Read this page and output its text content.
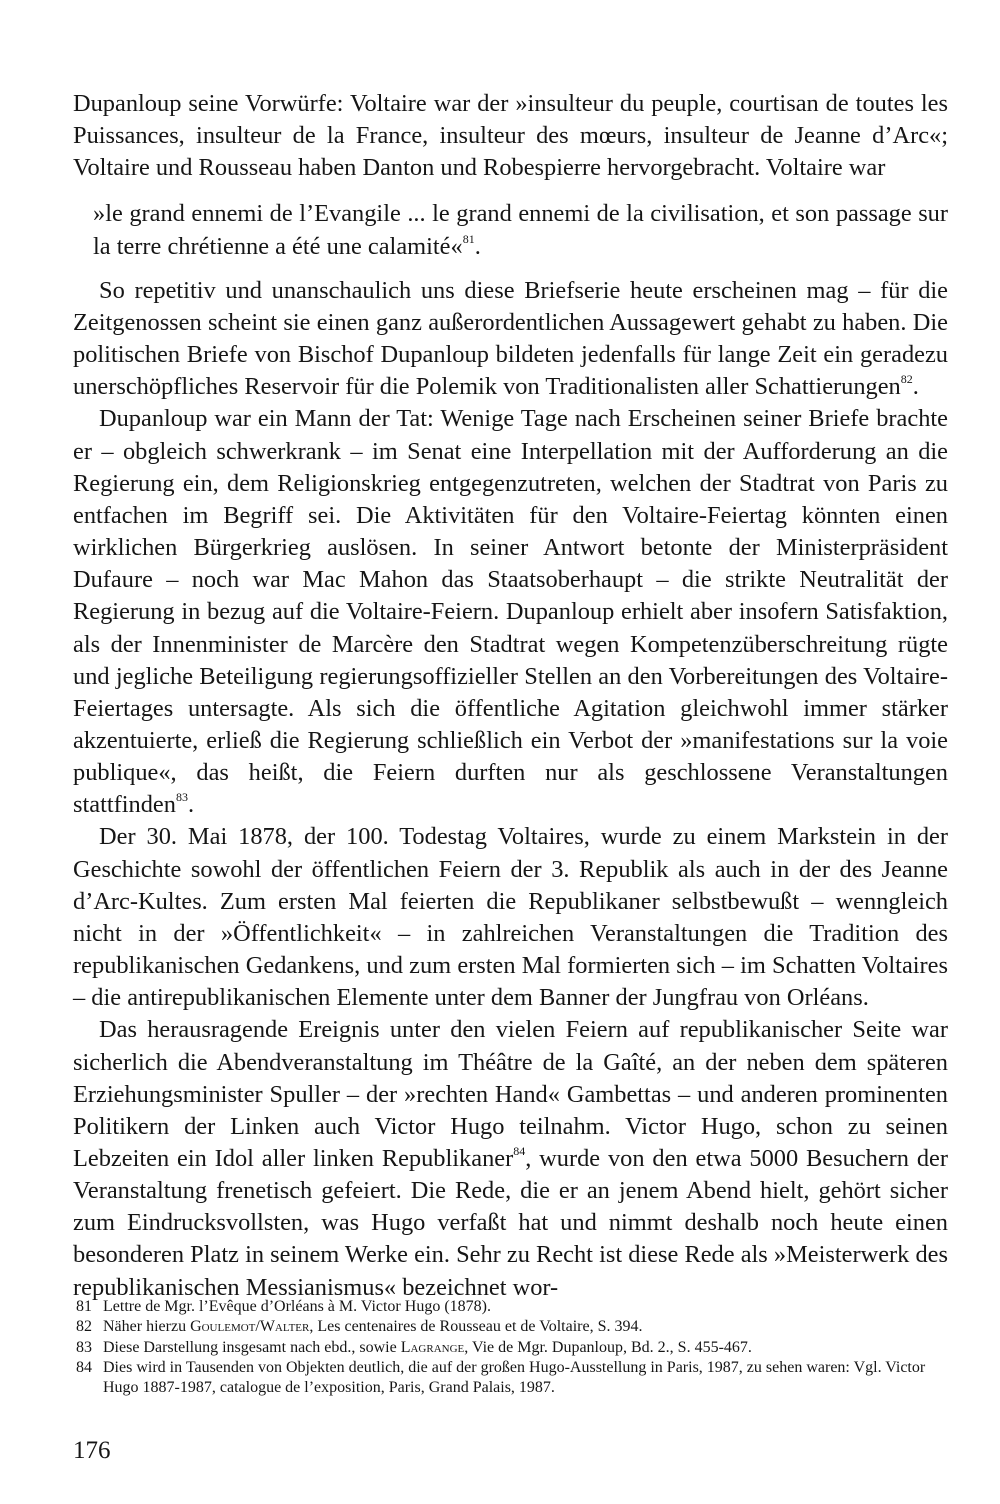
Dupanloup seine Vorwürfe: Voltaire war der »insulteur du peuple, courtisan de toutes les Puissances, insulteur de la France, insulteur des mœurs, insulteur de Jeanne d’Arc«; Voltaire und Rousseau haben Danton und Robespierre hervorgebracht. Voltaire war

»le grand ennemi de l’Evangile ... le grand ennemi de la civilisation, et son passage sur la terre chrétienne a été une calamité«$^{81}$.

So repetitiv und unanschaulich uns diese Briefserie heute erscheinen mag – für die Zeitgenossen scheint sie einen ganz außerordentlichen Aussagewert gehabt zu haben. Die politischen Briefe von Bischof Dupanloup bildeten jedenfalls für lange Zeit ein geradezu unerschöpfliches Reservoir für die Polemik von Traditionalisten aller Schattierungen$^{82}$.

Dupanloup war ein Mann der Tat: Wenige Tage nach Erscheinen seiner Briefe brachte er – obgleich schwerkrank – im Senat eine Interpellation mit der Aufforderung an die Regierung ein, dem Religionskrieg entgegenzutreten, welchen der Stadtrat von Paris zu entfachen im Begriff sei. Die Aktivitäten für den Voltaire-Feiertag könnten einen wirklichen Bürgerkrieg auslösen. In seiner Antwort betonte der Ministerpräsident Dufaure – noch war Mac Mahon das Staatsoberhaupt – die strikte Neutralität der Regierung in bezug auf die Voltaire-Feiern. Dupanloup erhielt aber insofern Satisfaktion, als der Innenminister de Marcère den Stadtrat wegen Kompetenzüberschreitung rügte und jegliche Beteiligung regierungsoffizieller Stellen an den Vorbereitungen des Voltaire-Feiertages untersagte. Als sich die öffentliche Agitation gleichwohl immer stärker akzentuierte, erließ die Regierung schließlich ein Verbot der »manifestations sur la voie publique«, das heißt, die Feiern durften nur als geschlossene Veranstaltungen stattfinden$^{83}$.

Der 30. Mai 1878, der 100. Todestag Voltaires, wurde zu einem Markstein in der Geschichte sowohl der öffentlichen Feiern der 3. Republik als auch in der des Jeanne d’Arc-Kultes. Zum ersten Mal feierten die Republikaner selbstbewußt – wenngleich nicht in der »Öffentlichkeit« – in zahlreichen Veranstaltungen die Tradition des republikanischen Gedankens, und zum ersten Mal formierten sich – im Schatten Voltaires – die antirepublikanischen Elemente unter dem Banner der Jungfrau von Orléans.

Das herausragende Ereignis unter den vielen Feiern auf republikanischer Seite war sicherlich die Abendveranstaltung im Théâtre de la Gaîté, an der neben dem späteren Erziehungsminister Spuller – der »rechten Hand« Gambettas – und anderen prominenten Politikern der Linken auch Victor Hugo teilnahm. Victor Hugo, schon zu seinen Lebzeiten ein Idol aller linken Republikaner$^{84}$, wurde von den etwa 5000 Besuchern der Veranstaltung frenetisch gefeiert. Die Rede, die er an jenem Abend hielt, gehört sicher zum Eindrucksvollsten, was Hugo verfaßt hat und nimmt deshalb noch heute einen besonderen Platz in seinem Werke ein. Sehr zu Recht ist diese Rede als »Meisterwerk des republikanischen Messianismus« bezeichnet wor-

81 Lettre de Mgr. l’Evêque d’Orléans à M. Victor Hugo (1878).
82 Näher hierzu Goulemot/Walter, Les centenaires de Rousseau et de Voltaire, S. 394.
83 Diese Darstellung insgesamt nach ebd., sowie Lagrange, Vie de Mgr. Dupanloup, Bd. 2., S. 455-467.
84 Dies wird in Tausenden von Objekten deutlich, die auf der großen Hugo-Ausstellung in Paris, 1987, zu sehen waren: Vgl. Victor Hugo 1887-1987, catalogue de l’exposition, Paris, Grand Palais, 1987.
176
